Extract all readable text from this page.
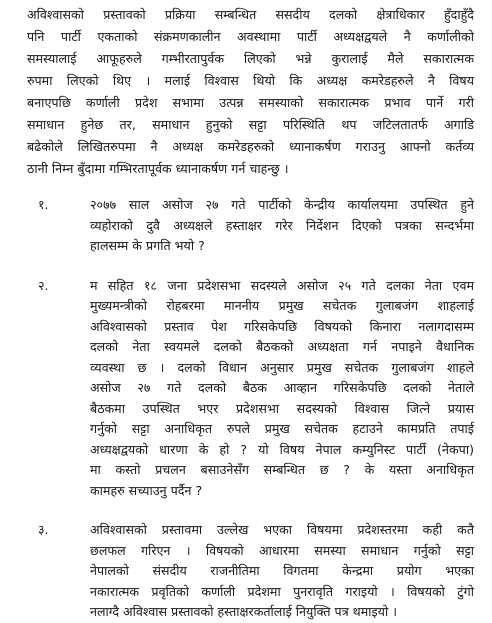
अविश्वासको प्रस्तावको प्रक्रिया सम्बन्धित ससदीय दलको क्षेत्राधिकार हुँदाहुँदै

पनि पार्टी एकताको संक्रमणकालीन अवस्थामा पार्टी अध्यक्षद्वयले नै कर्णालीको

समस्यालाई आफूहरुले गम्भीरतापुर्वक लिएको भन्ने कुरालाई मैले सकारात्मक

रुपमा लिएको थिए । मलाई विश्वास थियो कि अध्यक्ष कमरेडहरुले नै विषय

बनाएपछि कर्णाली प्रदेश सभामा उत्पन्न समस्याको सकारात्मक प्रभाव पार्ने गरी

समाधान हुनेछ तर, समाधान हुनुको सट्टा परिस्थिति थप जटिलतातर्फ अगाडि

बढेकोले लिखितरुपमा नै अध्यक्ष कमरेडहरुको ध्यानाकर्षण गराउनु आफ्नो कर्तव्य

ठानी निम्न बुँदामा गम्भिरतापूर्वक ध्यानाकर्षण गर्न चाहन्छु ।

१.	२०७७ साल असोज २७ गते पार्टीको केन्द्रीय कार्यालयमा उपस्थित हुने

व्यहोराको दुवै अध्यक्षले हस्ताक्षर गरेर निर्देशन दिएको पत्रका सन्दर्भमा

हालसम्म के प्रगति भयो ?

२.	म सहित १८ जना प्रदेशसभा सदस्यले असोज २५ गते दलका नेता एवम

मुख्यमन्त्रीको रोहबरमा माननीय प्रमुख सचेतक गुलाबजंग शाहलाई

अविश्वासको प्रस्ताव पेश गरिसकेपछि विषयको किनारा नलागदासम्म

दलको नेता स्वयमले दलको बैठकको अध्यक्षता गर्न नपाइने वैधानिक

व्यवस्था छ । दलको विधान अनुसार प्रमुख सचेतक गुलाबजंग शाहले

असोज २७ गते दलको बैठक आव्हान गरिसकेपछि दलको नेताले

बैठकमा उपस्थित भएर प्रदेशसभा सदस्यको विश्वास जित्ने प्रयास

गर्नुको सट्टा अनाधिकृत रुपले प्रमुख सचेतक हटाउने कामप्रति तपाई

अध्यक्षद्वयको धारणा के हो ? यो विषय नेपाल कम्युनिस्ट पार्टी (नेकपा)

मा कस्तो प्रचलन बसाउनेसँग सम्बन्धित छ ? के यस्ता अनाधिकृत

कामहरु सच्याउनु पर्दैन ?

३.	अविश्वासको प्रस्तावमा उल्लेख भएका विषयमा प्रदेशस्तरमा कही कतै

छलफल गरिएन । विषयको आधारमा समस्या समाधान गर्नुको सट्टा

नेपालको संसदीय राजनीतिमा विगतमा केन्द्रमा प्रयोग भएका

नकारात्मक प्रवृतिको कर्णाली प्रदेशमा पुनरावृति गराइयो । विषयको टुंगो

नलाग्दै अविश्वास प्रस्तावको हस्ताक्षरकर्तालाई नियुक्ति पत्र थमाइयो ।
